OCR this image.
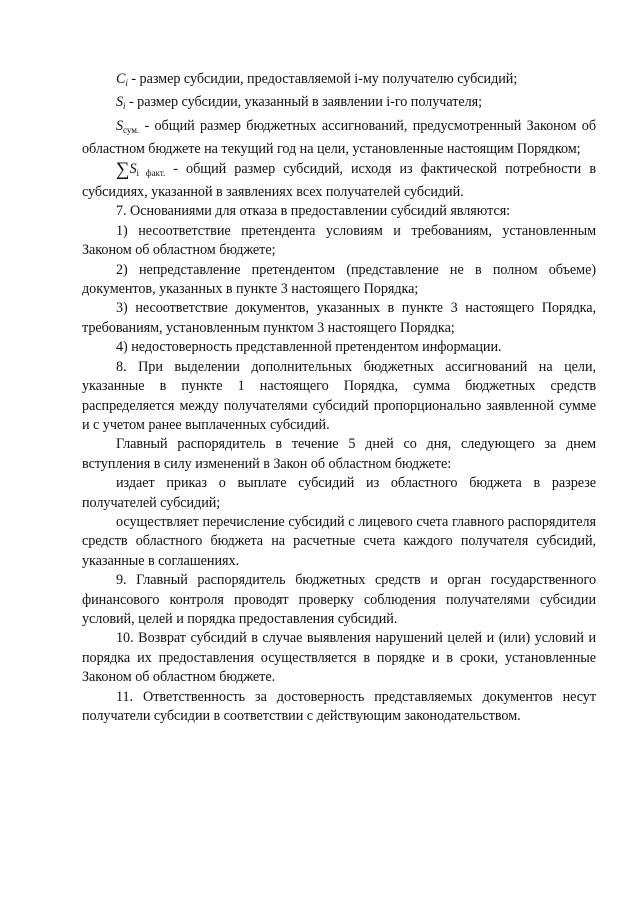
$C_i$ - размер субсидии, предоставляемой i-му получателю субсидий;

$S_i$ - размер субсидии, указанный в заявлении i-го получателя;

$S_{сум.}$ - общий размер бюджетных ассигнований, предусмотренный Законом об областном бюджете на текущий год на цели, установленные настоящим Порядком;

$\sum S_{i факт.}$ - общий размер субсидий, исходя из фактической потребности в субсидиях, указанной в заявлениях всех получателей субсидий.

7. Основаниями для отказа в предоставлении субсидий являются:

1) несоответствие претендента условиям и требованиям, установленным Законом об областном бюджете;

2) непредставление претендентом (представление не в полном объеме) документов, указанных в пункте 3 настоящего Порядка;

3) несоответствие документов, указанных в пункте 3 настоящего Порядка, требованиям, установленным пунктом 3 настоящего Порядка;

4) недостоверность представленной претендентом информации.

8. При выделении дополнительных бюджетных ассигнований на цели, указанные в пункте 1 настоящего Порядка, сумма бюджетных средств распределяется между получателями субсидий пропорционально заявленной сумме и с учетом ранее выплаченных субсидий.

Главный распорядитель в течение 5 дней со дня, следующего за днем вступления в силу изменений в Закон об областном бюджете:

издает приказ о выплате субсидий из областного бюджета в разрезе получателей субсидий;

осуществляет перечисление субсидий с лицевого счета главного распорядителя средств областного бюджета на расчетные счета каждого получателя субсидий, указанные в соглашениях.

9. Главный распорядитель бюджетных средств и орган государственного финансового контроля проводят проверку соблюдения получателями субсидии условий, целей и порядка предоставления субсидий.

10. Возврат субсидий в случае выявления нарушений целей и (или) условий и порядка их предоставления осуществляется в порядке и в сроки, установленные Законом об областном бюджете.

11. Ответственность за достоверность представляемых документов несут получатели субсидии в соответствии с действующим законодательством.
